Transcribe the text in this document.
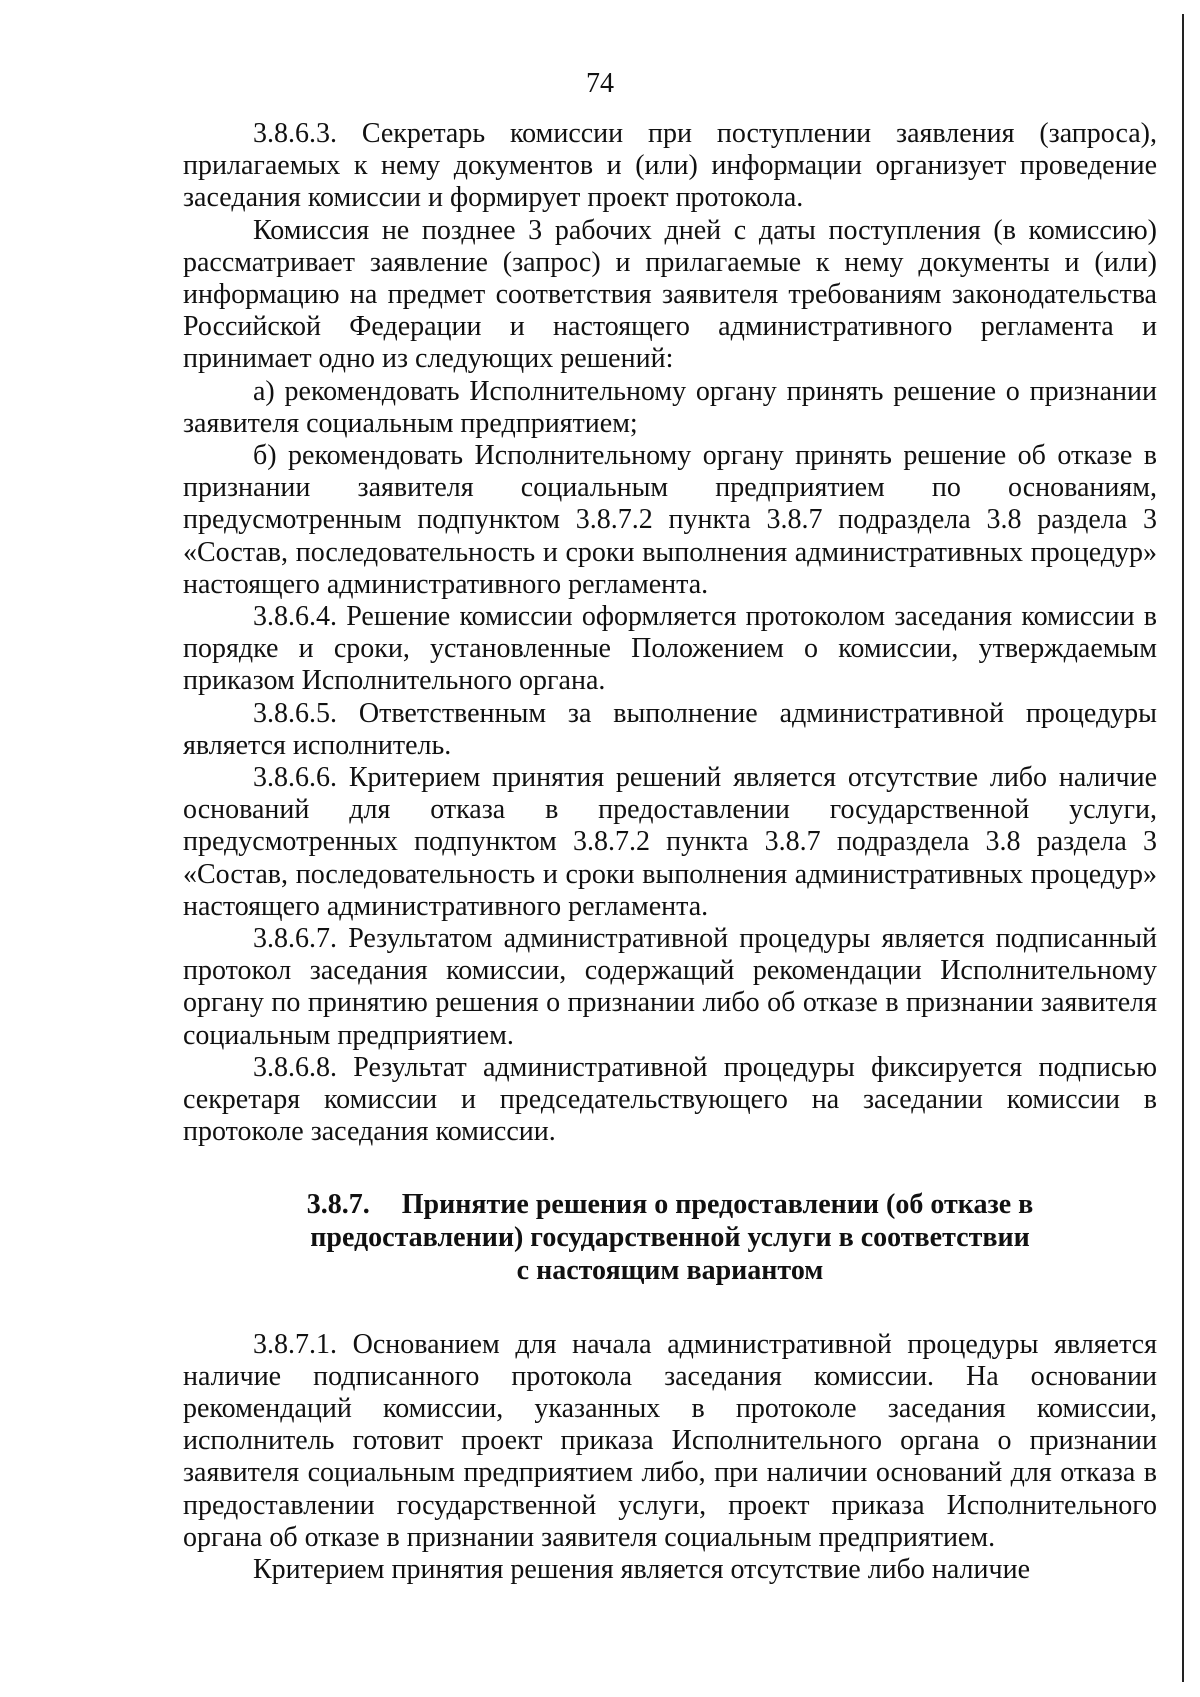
74

3.8.6.3. Секретарь комиссии при поступлении заявления (запроса), прилагаемых к нему документов и (или) информации организует проведение заседания комиссии и формирует проект протокола.

Комиссия не позднее 3 рабочих дней с даты поступления (в комиссию) рассматривает заявление (запрос) и прилагаемые к нему документы и (или) информацию на предмет соответствия заявителя требованиям законодательства Российской Федерации и настоящего административного регламента и принимает одно из следующих решений:

а) рекомендовать Исполнительному органу принять решение о признании заявителя социальным предприятием;

б) рекомендовать Исполнительному органу принять решение об отказе в признании заявителя социальным предприятием по основаниям, предусмотренным подпунктом 3.8.7.2 пункта 3.8.7 подраздела 3.8 раздела 3 «Состав, последовательность и сроки выполнения административных процедур» настоящего административного регламента.

3.8.6.4. Решение комиссии оформляется протоколом заседания комиссии в порядке и сроки, установленные Положением о комиссии, утверждаемым приказом Исполнительного органа.

3.8.6.5. Ответственным за выполнение административной процедуры является исполнитель.

3.8.6.6. Критерием принятия решений является отсутствие либо наличие оснований для отказа в предоставлении государственной услуги, предусмотренных подпунктом 3.8.7.2 пункта 3.8.7 подраздела 3.8 раздела 3 «Состав, последовательность и сроки выполнения административных процедур» настоящего административного регламента.

3.8.6.7. Результатом административной процедуры является подписанный протокол заседания комиссии, содержащий рекомендации Исполнительному органу по принятию решения о признании либо об отказе в признании заявителя социальным предприятием.

3.8.6.8. Результат административной процедуры фиксируется подписью секретаря комиссии и председательствующего на заседании комиссии в протоколе заседания комиссии.

3.8.7. Принятие решения о предоставлении (об отказе в
предоставлении) государственной услуги в соответствии
с настоящим вариантом

3.8.7.1. Основанием для начала административной процедуры является наличие подписанного протокола заседания комиссии. На основании рекомендаций комиссии, указанных в протоколе заседания комиссии, исполнитель готовит проект приказа Исполнительного органа о признании заявителя социальным предприятием либо, при наличии оснований для отказа в предоставлении государственной услуги, проект приказа Исполнительного органа об отказе в признании заявителя социальным предприятием.

Критерием принятия решения является отсутствие либо наличие
